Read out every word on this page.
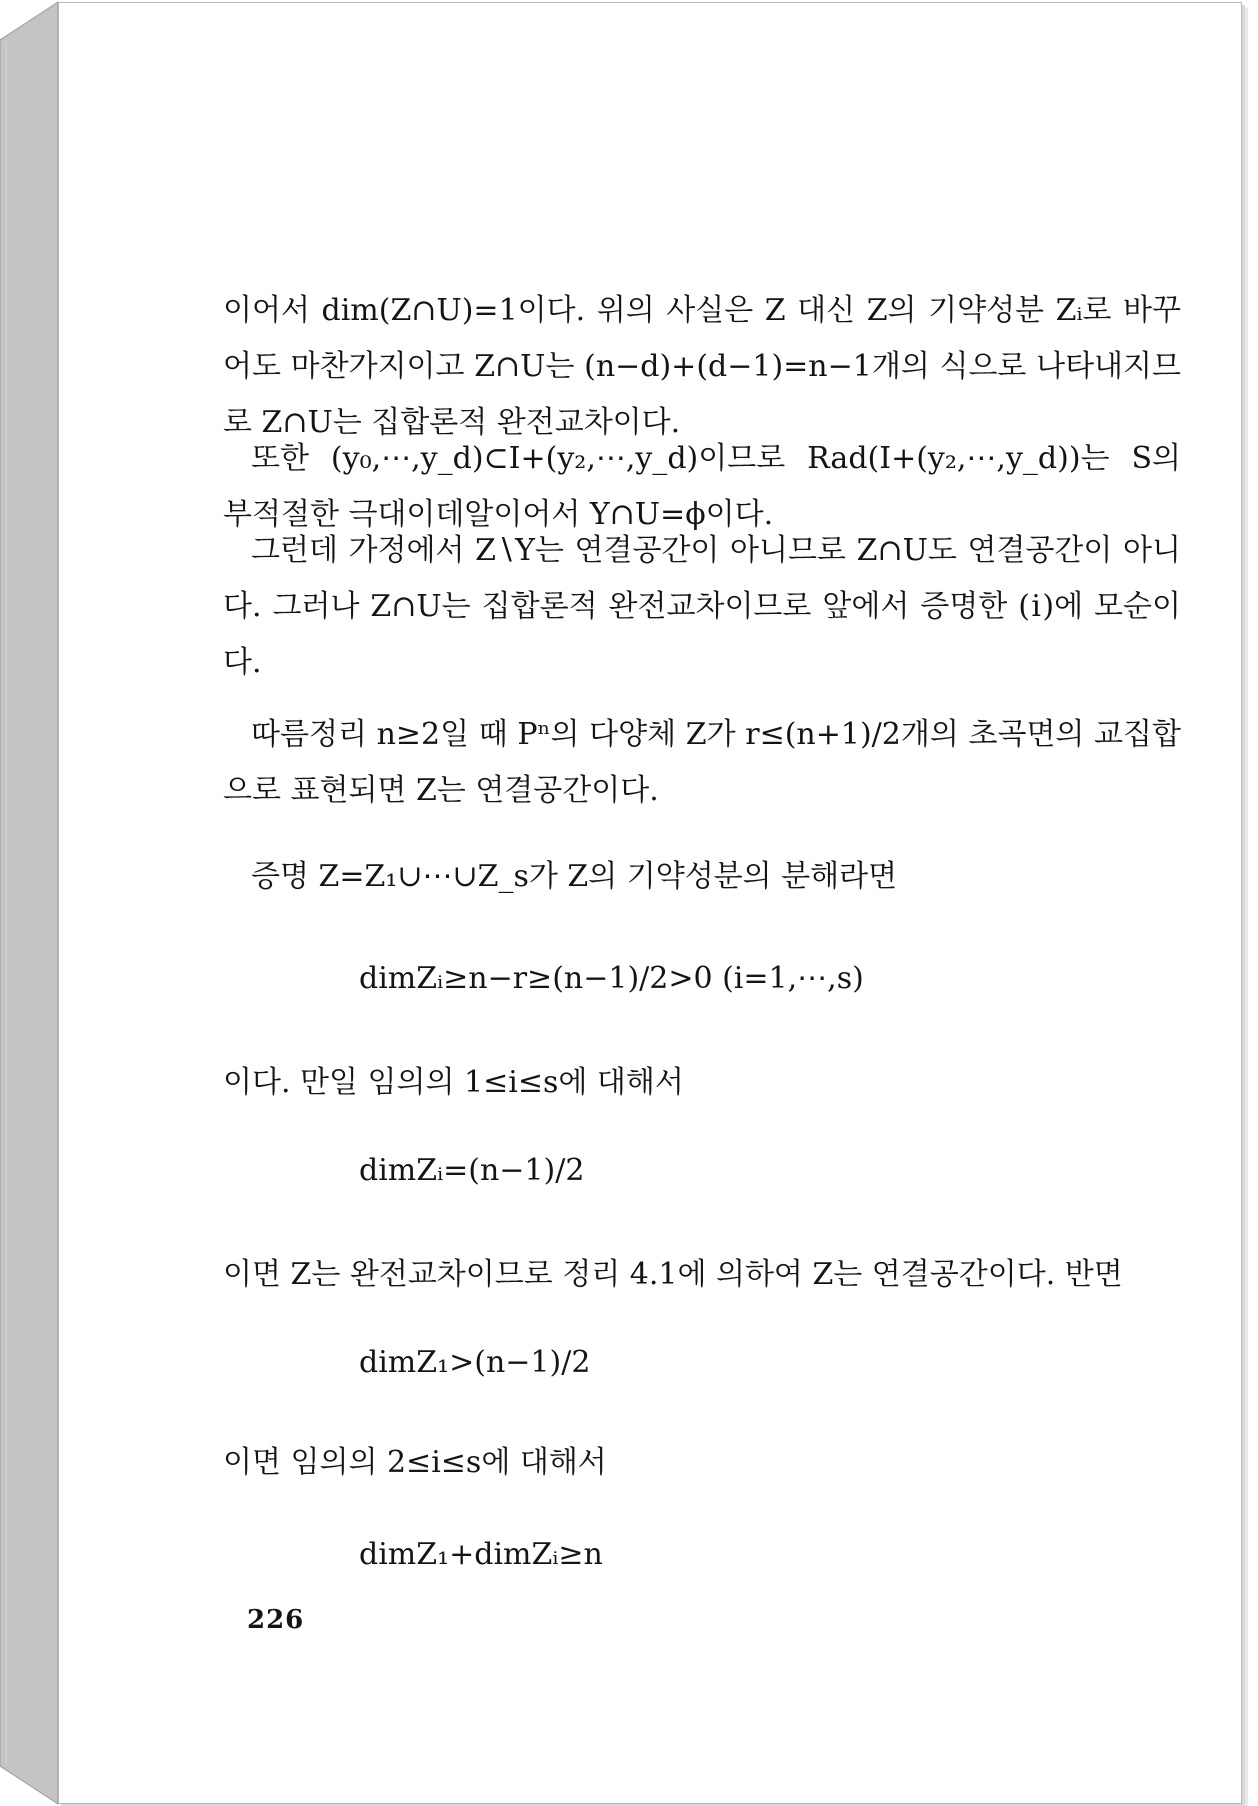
이어서 dim(Z∩U)=1이다. 위의 사실은 Z 대신 Z의 기약성분 Zᵢ로 바꾸어도 마찬가지이고 Z∩U는 (n−d)+(d−1)=n−1개의 식으로 나타내지므로 Z∩U는 집합론적 완전교차이다.
또한 (y₀,⋯,y_d)⊂I+(y₂,⋯,y_d)이므로 Rad(I+(y₂,⋯,y_d))는 S의 부적절한 극대이데알이어서 Y∩U=ϕ이다.
그런데 가정에서 Z∖Y는 연결공간이 아니므로 Z∩U도 연결공간이 아니다. 그러나 Z∩U는 집합론적 완전교차이므로 앞에서 증명한 (ⅰ)에 모순이다.
따름정리 n≥2일 때 Pⁿ의 다양체 Z가 r≤(n+1)/2개의 초곡면의 교집합으로 표현되면 Z는 연결공간이다.
증명 Z=Z₁∪⋯∪Z_s가 Z의 기약성분의 분해라면
dimZᵢ≥n−r≥(n−1)/2>0 (i=1,⋯,s)
이다. 만일 임의의 1≤i≤s에 대해서
dimZᵢ=(n−1)/2
이면 Z는 완전교차이므로 정리 4.1에 의하여 Z는 연결공간이다. 반면
dimZ₁>(n−1)/2
이면 임의의 2≤i≤s에 대해서
dimZ₁+dimZᵢ≥n
226
